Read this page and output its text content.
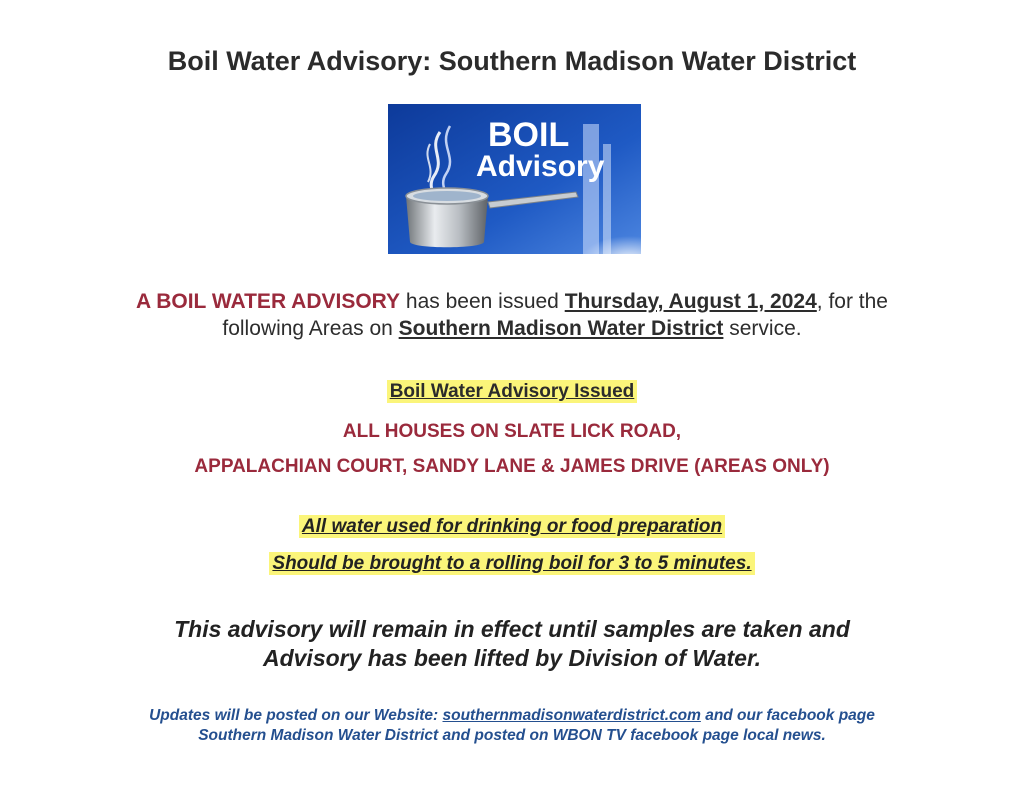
Boil Water Advisory: Southern Madison Water District
BOIL
Advisory
A BOIL WATER ADVISORY has been issued Thursday, August 1, 2024, for the
following Areas on Southern Madison Water District service.
Boil Water Advisory Issued
ALL HOUSES ON SLATE LICK ROAD,
APPALACHIAN COURT, SANDY LANE & JAMES DRIVE (AREAS ONLY)
All water used for drinking or food preparation
Should be brought to a rolling boil for 3 to 5 minutes.
This advisory will remain in effect until samples are taken and
Advisory has been lifted by Division of Water.
Updates will be posted on our Website: southernmadisonwaterdistrict.com and our facebook page
Southern Madison Water District and posted on WBON TV facebook page local news.
